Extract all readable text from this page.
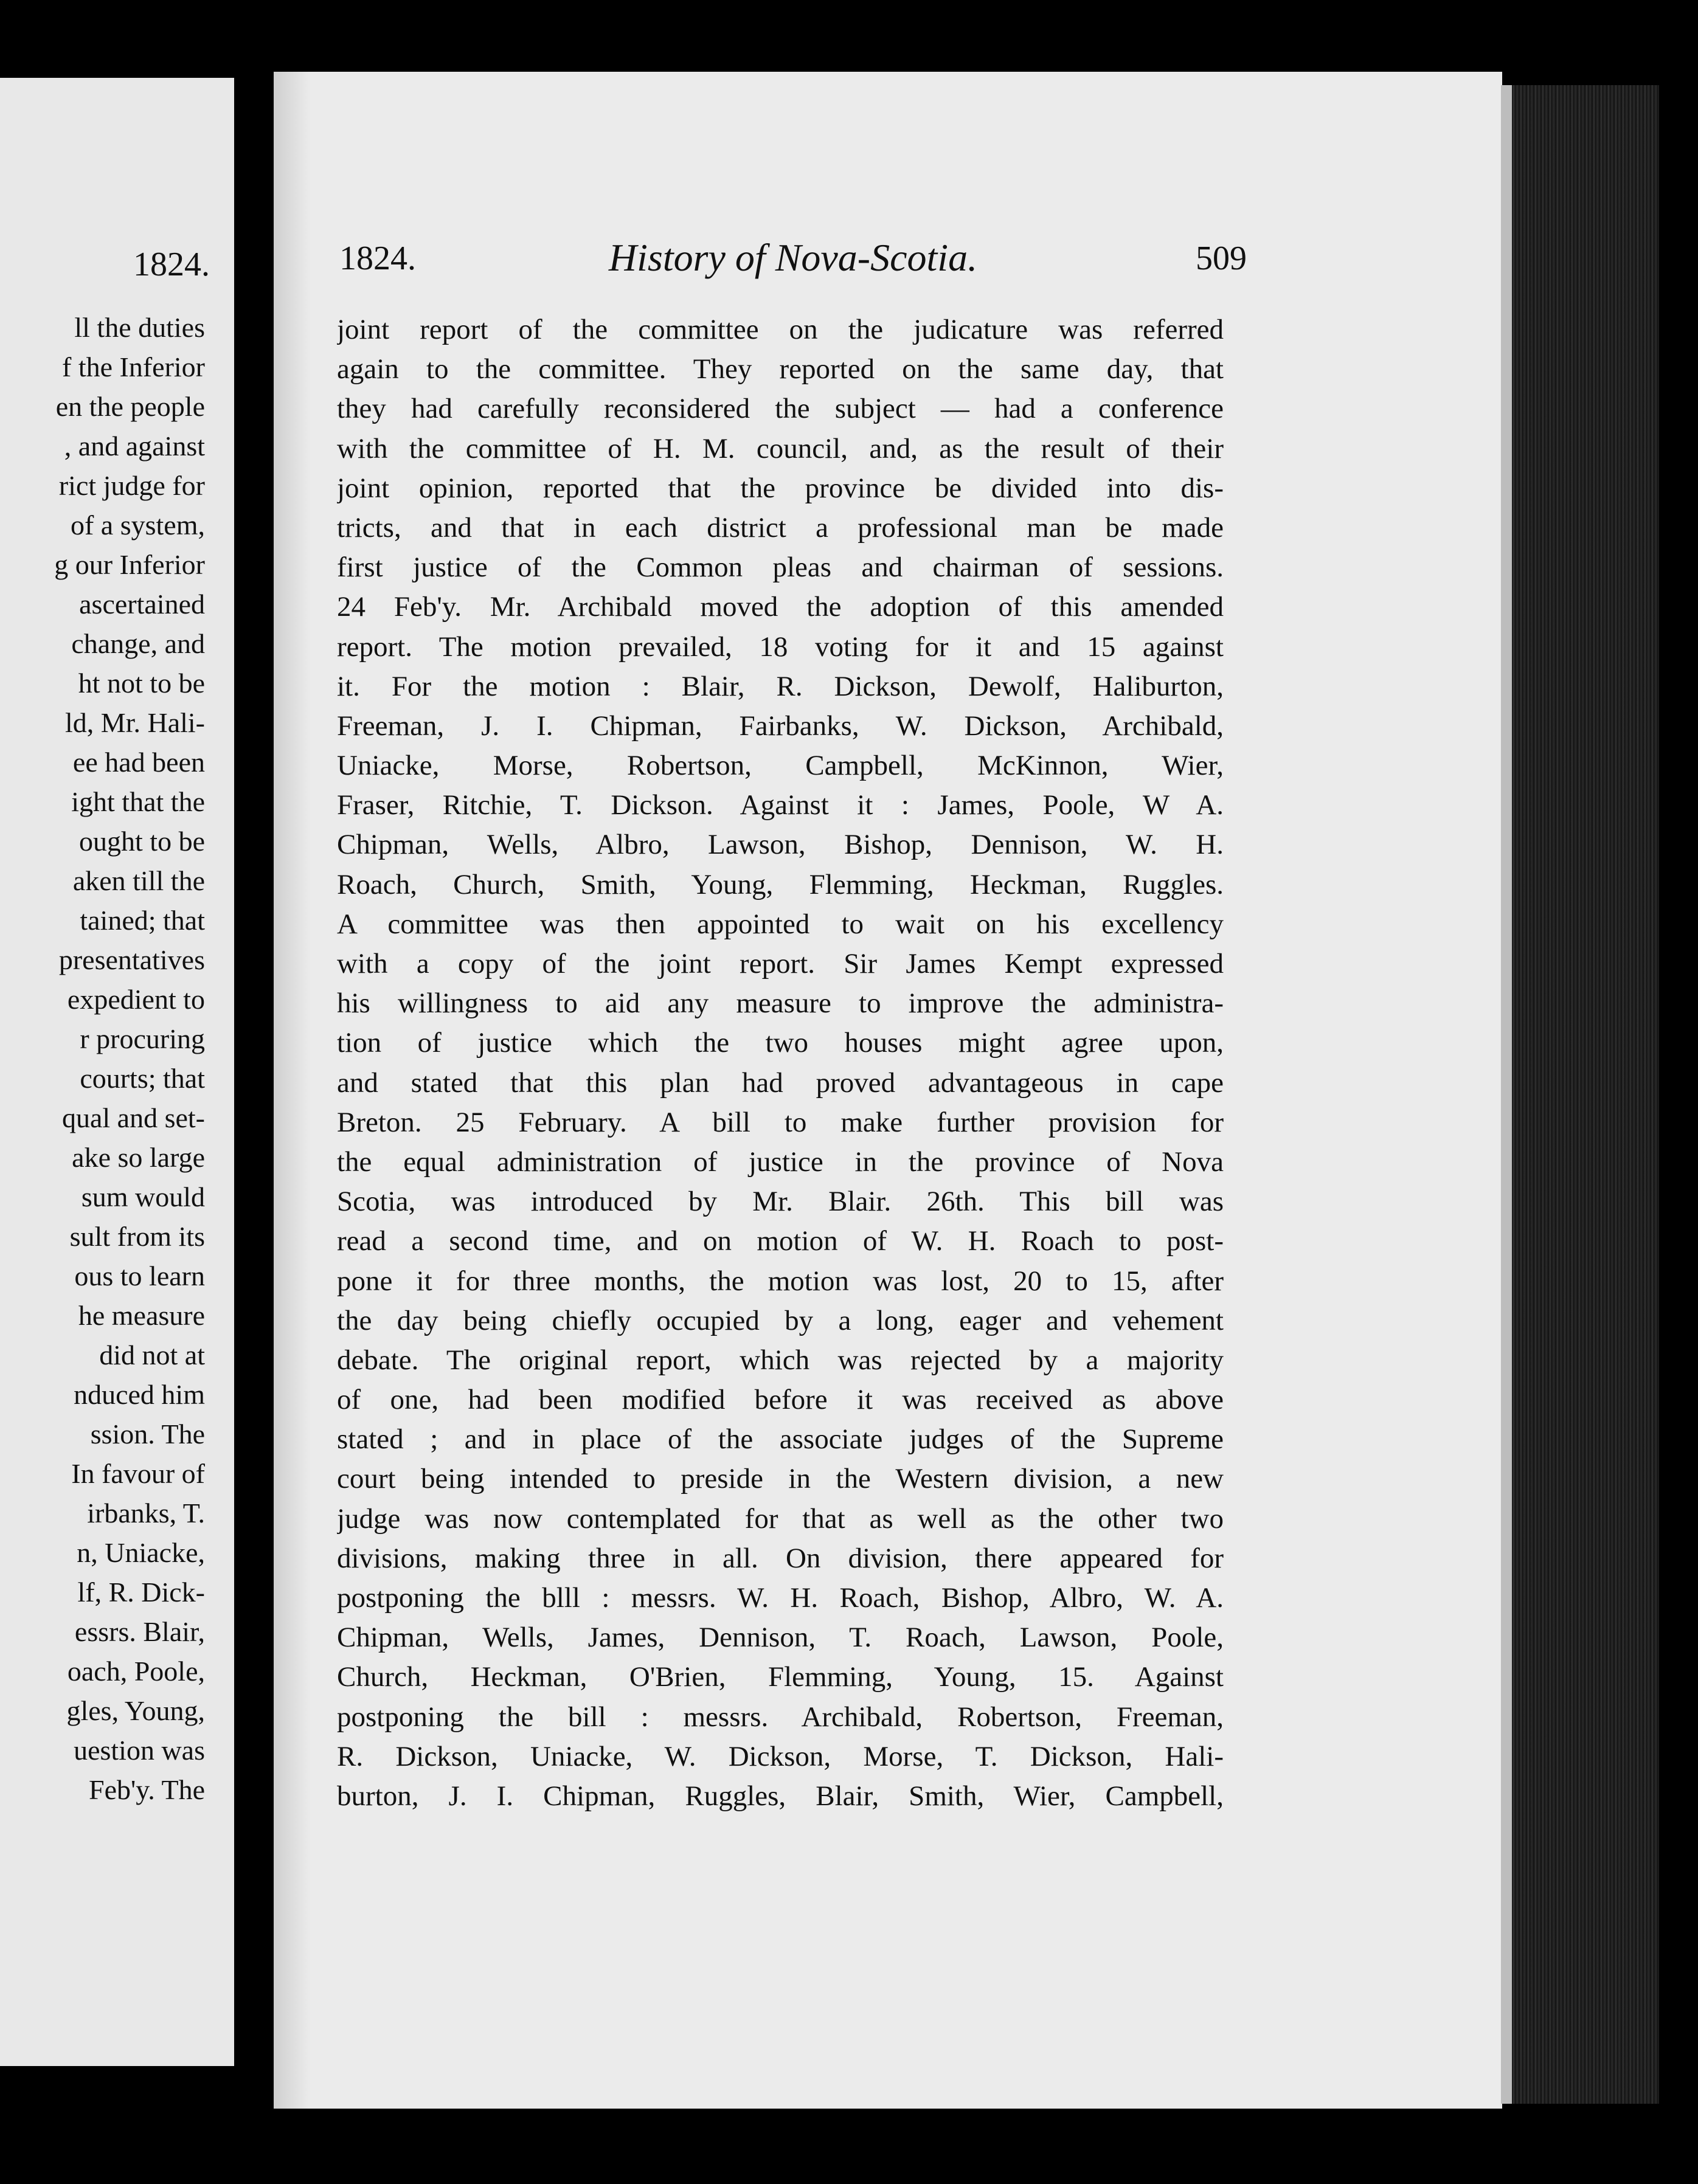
1824.
ll the duties
f the Inferior
en the people
, and against
rict judge for
of a system,
g our Inferior
ascertained
change, and
ht not to be
ld, Mr. Hali-
ee had been
ight that the
ought to be
aken till the
tained; that
presentatives
expedient to
r procuring
courts; that
qual and set-
ake so large
sum would
sult from its
ous to learn
he measure
did not at
nduced him
ssion. The
In favour of
irbanks, T.
n, Uniacke,
lf, R. Dick-
essrs. Blair,
oach, Poole,
gles, Young,
uestion was
Feb'y. The
1824.	History of Nova-Scotia.	509
joint report of the committee on the judicature was referred
again to the committee. They reported on the same day, that
they had carefully reconsidered the subject — had a conference
with the committee of H. M. council, and, as the result of their
joint opinion, reported that the province be divided into dis-
tricts, and that in each district a professional man be made
first justice of the Common pleas and chairman of sessions.
24 Feb'y. Mr. Archibald moved the adoption of this amended
report. The motion prevailed, 18 voting for it and 15 against
it. For the motion : Blair, R. Dickson, Dewolf, Haliburton,
Freeman, J. I. Chipman, Fairbanks, W. Dickson, Archibald,
Uniacke, Morse, Robertson, Campbell, McKinnon, Wier,
Fraser, Ritchie, T. Dickson. Against it : James, Poole, W A.
Chipman, Wells, Albro, Lawson, Bishop, Dennison, W. H.
Roach, Church, Smith, Young, Flemming, Heckman, Ruggles.
A committee was then appointed to wait on his excellency
with a copy of the joint report. Sir James Kempt expressed
his willingness to aid any measure to improve the administra-
tion of justice which the two houses might agree upon,
and stated that this plan had proved advantageous in cape
Breton. 25 February. A bill to make further provision for
the equal administration of justice in the province of Nova
Scotia, was introduced by Mr. Blair. 26th. This bill was
read a second time, and on motion of W. H. Roach to post-
pone it for three months, the motion was lost, 20 to 15, after
the day being chiefly occupied by a long, eager and vehement
debate. The original report, which was rejected by a majority
of one, had been modified before it was received as above
stated ; and in place of the associate judges of the Supreme
court being intended to preside in the Western division, a new
judge was now contemplated for that as well as the other two
divisions, making three in all. On division, there appeared for
postponing the blll : messrs. W. H. Roach, Bishop, Albro, W. A.
Chipman, Wells, James, Dennison, T. Roach, Lawson, Poole,
Church, Heckman, O'Brien, Flemming, Young, 15. Against
postponing the bill : messrs. Archibald, Robertson, Freeman,
R. Dickson, Uniacke, W. Dickson, Morse, T. Dickson, Hali-
burton, J. I. Chipman, Ruggles, Blair, Smith, Wier, Campbell,
